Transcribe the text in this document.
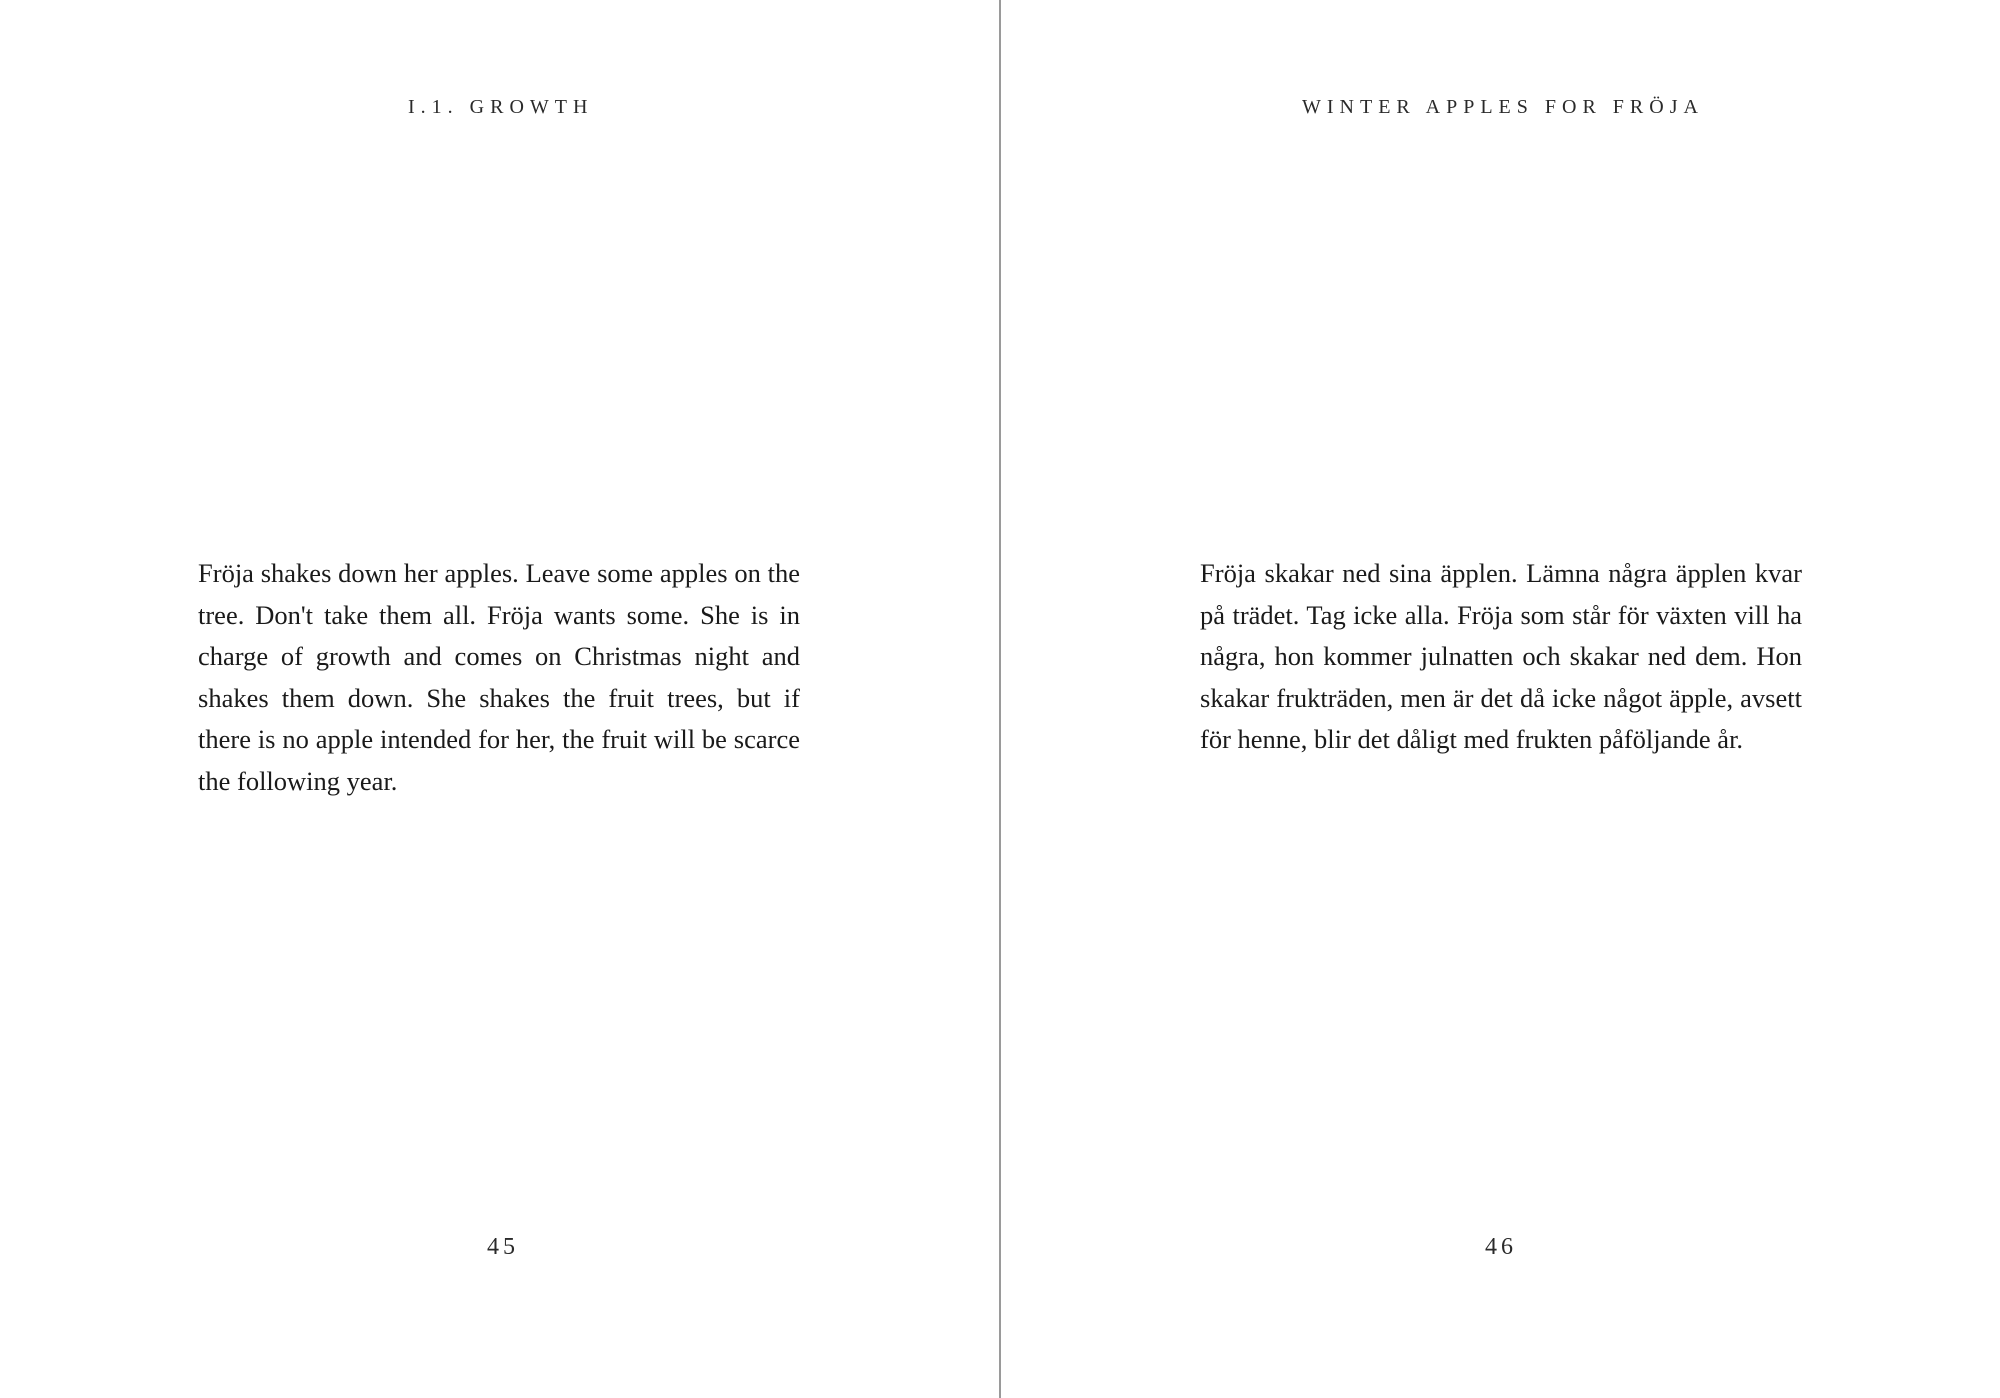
I.1. GROWTH

Fröja shakes down her apples. Leave some apples on the tree. Don't take them all. Fröja wants some. She is in charge of growth and comes on Christmas night and shakes them down. She shakes the fruit trees, but if there is no apple intended for her, the fruit will be scarce the following year.

45
WINTER APPLES FOR FRÖJA

Fröja skakar ned sina äpplen. Lämna några äpplen kvar på trädet. Tag icke alla. Fröja som står för växten vill ha några, hon kommer julnatten och skakar ned dem. Hon skakar frukträden, men är det då icke något äpple, avsett för henne, blir det dåligt med frukten påföljande år.

46
